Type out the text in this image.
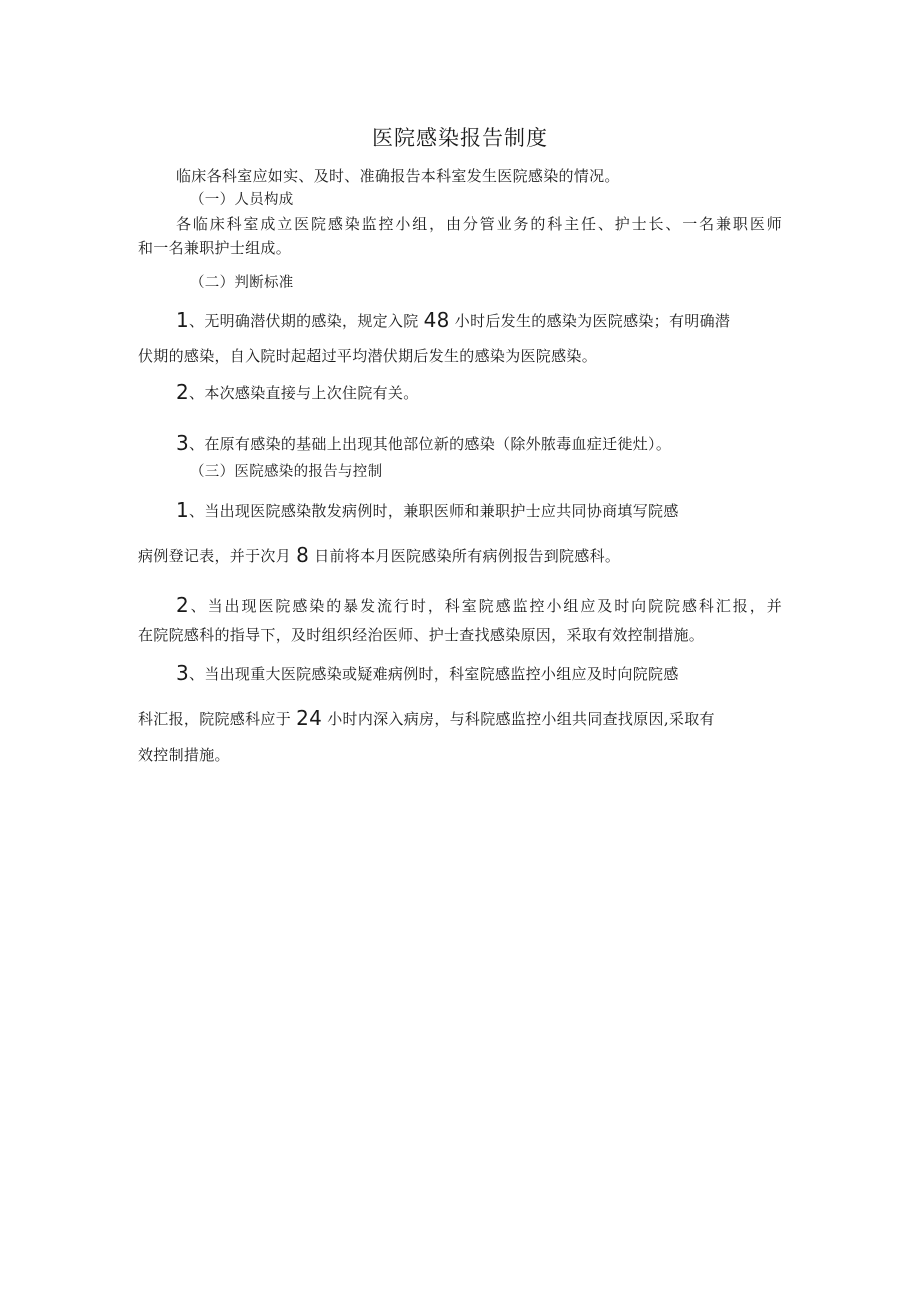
医院感染报告制度

临床各科室应如实、及时、准确报告本科室发生医院感染的情况。

（一）人员构成

各临床科室成立医院感染监控小组，由分管业务的科主任、护士长、一名兼职医师

和一名兼职护士组成。

（二）判断标准

1、无明确潜伏期的感染，规定入院 48 小时后发生的感染为医院感染；有明确潜

伏期的感染，自入院时起超过平均潜伏期后发生的感染为医院感染。

2、本次感染直接与上次住院有关。

3、在原有感染的基础上出现其他部位新的感染（除外脓毒血症迁徙灶）。

（三）医院感染的报告与控制

1、当出现医院感染散发病例时，兼职医师和兼职护士应共同协商填写院感

病例登记表，并于次月 8 日前将本月医院感染所有病例报告到院感科。

2、当出现医院感染的暴发流行时，科室院感监控小组应及时向院院感科汇报，并

在院院感科的指导下，及时组织经治医师、护士查找感染原因，采取有效控制措施。

3、当出现重大医院感染或疑难病例时，科室院感监控小组应及时向院院感

科汇报，院院感科应于 24 小时内深入病房，与科院感监控小组共同查找原因,采取有

效控制措施。
